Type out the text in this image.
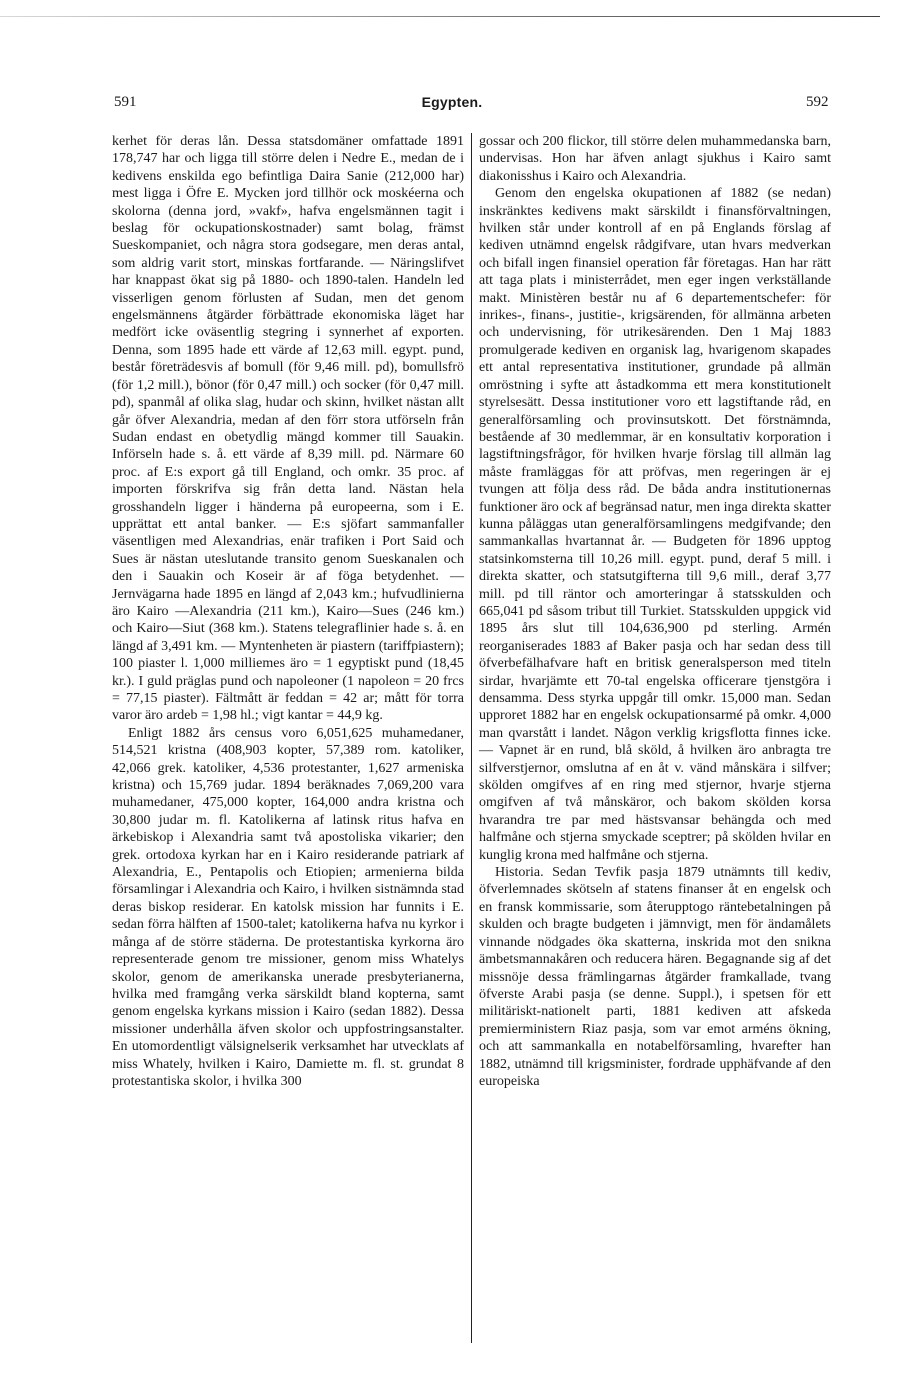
591	Egypten.	592

kerhet för deras lån. Dessa statsdomäner omfattade 1891 178,747 har och ligga till större delen i Nedre E., medan de i kedivens enskilda ego befintliga Daira Sanie (212,000 har) mest ligga i Öfre E. Mycken jord tillhör ock moskéerna och skolorna (denna jord, »vakf», hafva engelsmännen tagit i beslag för ockupationskostnader) samt bolag, främst Sueskompaniet, och några stora godsegare, men deras antal, som aldrig varit stort, minskas fortfarande. — Näringslifvet har knappast ökat sig på 1880- och 1890-talen. Handeln led visserligen genom förlusten af Sudan, men det genom engelsmännens åtgärder förbättrade ekonomiska läget har medfört icke oväsentlig stegring i synnerhet af exporten. Denna, som 1895 hade ett värde af 12,63 mill. egypt. pund, består företrädesvis af bomull (för 9,46 mill. pd), bomullsfrö (för 1,2 mill.), bönor (för 0,47 mill.) och socker (för 0,47 mill. pd), spanmål af olika slag, hudar och skinn, hvilket nästan allt går öfver Alexandria, medan af den förr stora utförseln från Sudan endast en obetydlig mängd kommer till Sauakin. Införseln hade s. å. ett värde af 8,39 mill. pd. Närmare 60 proc. af E:s export gå till England, och omkr. 35 proc. af importen förskrifva sig från detta land. Nästan hela grosshandeln ligger i händerna på europeerna, som i E. upprättat ett antal banker. — E:s sjöfart sammanfaller väsentligen med Alexandrias, enär trafiken i Port Said och Sues är nästan uteslutande transito genom Sueskanalen och den i Sauakin och Koseir är af föga betydenhet. — Jernvägarna hade 1895 en längd af 2,043 km.; hufvudlinierna äro Kairo —Alexandria (211 km.), Kairo—Sues (246 km.) och Kairo—Siut (368 km.). Statens telegraflinier hade s. å. en längd af 3,491 km. — Myntenheten är piastern (tariffpiastern); 100 piaster l. 1,000 milliemes äro = 1 egyptiskt pund (18,45 kr.). I guld präglas pund och napoleoner (1 napoleon = 20 frcs = 77,15 piaster). Fältmått är feddan = 42 ar; mått för torra varor äro ardeb = 1,98 hl.; vigt kantar = 44,9 kg.

Enligt 1882 års census voro 6,051,625 muhamedaner, 514,521 kristna (408,903 kopter, 57,389 rom. katoliker, 42,066 grek. katoliker, 4,536 protestanter, 1,627 armeniska kristna) och 15,769 judar. 1894 beräknades 7,069,200 vara muhamedaner, 475,000 kopter, 164,000 andra kristna och 30,800 judar m. fl. Katolikerna af latinsk ritus hafva en ärkebiskop i Alexandria samt två apostoliska vikarier; den grek. ortodoxa kyrkan har en i Kairo residerande patriark af Alexandria, E., Pentapolis och Etiopien; armenierna bilda församlingar i Alexandria och Kairo, i hvilken sistnämnda stad deras biskop residerar. En katolsk mission har funnits i E. sedan förra hälften af 1500-talet; katolikerna hafva nu kyrkor i många af de större städerna. De protestantiska kyrkorna äro representerade genom tre missioner, genom miss Whatelys skolor, genom de amerikanska unerade presbyterianerna, hvilka med framgång verka särskildt bland kopterna, samt genom engelska kyrkans mission i Kairo (sedan 1882). Dessa missioner underhålla äfven skolor och uppfostringsanstalter. En utomordentligt välsignelserik verksamhet har utvecklats af miss Whately, hvilken i Kairo, Damiette m. fl. st. grundat 8 protestantiska skolor, i hvilka 300

gossar och 200 flickor, till större delen muhammedanska barn, undervisas. Hon har äfven anlagt sjukhus i Kairo samt diakonisshus i Kairo och Alexandria.

Genom den engelska okupationen af 1882 (se nedan) inskränktes kedivens makt särskildt i finansförvaltningen, hvilken står under kontroll af en på Englands förslag af kediven utnämnd engelsk rådgifvare, utan hvars medverkan och bifall ingen finansiel operation får företagas. Han har rätt att taga plats i ministerrådet, men eger ingen verkställande makt. Ministèren består nu af 6 departementschefer: för inrikes-, finans-, justitie-, krigsärenden, för allmänna arbeten och undervisning, för utrikesärenden. Den 1 Maj 1883 promulgerade kediven en organisk lag, hvarigenom skapades ett antal representativa institutioner, grundade på allmän omröstning i syfte att åstadkomma ett mera konstitutionelt styrelsesätt. Dessa institutioner voro ett lagstiftande råd, en generalförsamling och provinsutskott. Det förstnämnda, bestående af 30 medlemmar, är en konsultativ korporation i lagstiftningsfrågor, för hvilken hvarje förslag till allmän lag måste framläggas för att pröfvas, men regeringen är ej tvungen att följa dess råd. De båda andra institutionernas funktioner äro ock af begränsad natur, men inga direkta skatter kunna påläggas utan generalförsamlingens medgifvande; den sammankallas hvartannat år. — Budgeten för 1896 upptog statsinkomsterna till 10,26 mill. egypt. pund, deraf 5 mill. i direkta skatter, och statsutgifterna till 9,6 mill., deraf 3,77 mill. pd till räntor och amorteringar å statsskulden och 665,041 pd såsom tribut till Turkiet. Statsskulden uppgick vid 1895 års slut till 104,636,900 pd sterling. Armén reorganiserades 1883 af Baker pasja och har sedan dess till öfverbefälhafvare haft en britisk generalsperson med titeln sirdar, hvarjämte ett 70-tal engelska officerare tjenstgöra i densamma. Dess styrka uppgår till omkr. 15,000 man. Sedan upproret 1882 har en engelsk ockupationsarmé på omkr. 4,000 man qvarstått i landet. Någon verklig krigsflotta finnes icke. — Vapnet är en rund, blå sköld, å hvilken äro anbragta tre silfverstjernor, omslutna af en åt v. vänd månskära i silfver; skölden omgifves af en ring med stjernor, hvarje stjerna omgifven af två månskäror, och bakom skölden korsa hvarandra tre par med hästsvansar behängda och med halfmåne och stjerna smyckade sceptrer; på skölden hvilar en kunglig krona med halfmåne och stjerna.

Historia. Sedan Tevfik pasja 1879 utnämnts till kediv, öfverlemnades skötseln af statens finanser åt en engelsk och en fransk kommissarie, som återupptogo räntebetalningen på skulden och bragte budgeten i jämnvigt, men för ändamålets vinnande nödgades öka skatterna, inskrida mot den snikna ämbetsmannakåren och reducera hären. Begagnande sig af det missnöje dessa främlingarnas åtgärder framkallade, tvang öfverste Arabi pasja (se denne. Suppl.), i spetsen för ett militäriskt-nationelt parti, 1881 kediven att afskeda premierministern Riaz pasja, som var emot arméns ökning, och att sammankalla en notabelförsamling, hvarefter han 1882, utnämnd till krigsminister, fordrade upphäfvande af den europeiska
